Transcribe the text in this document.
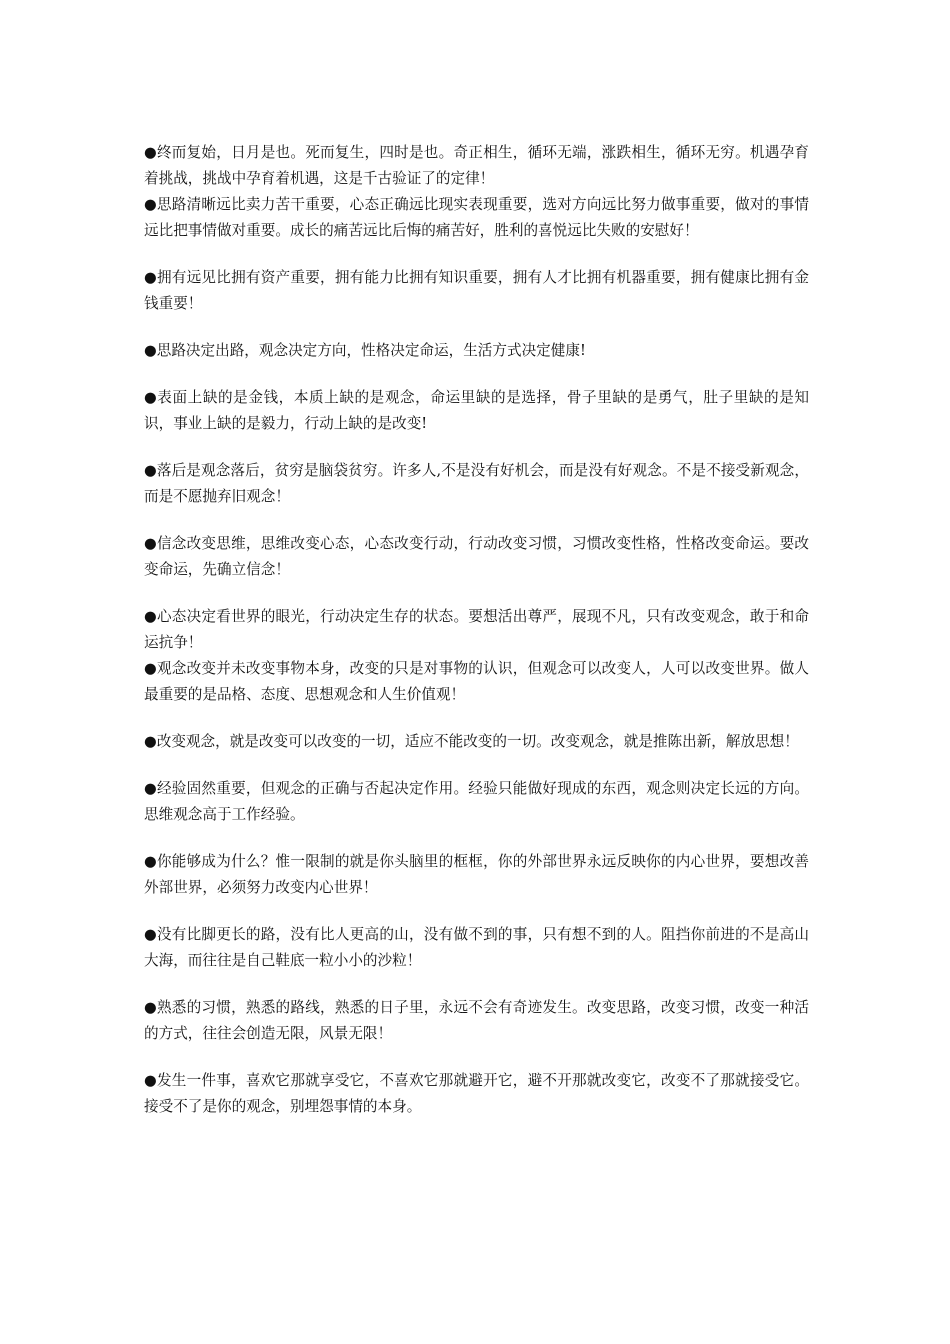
●终而复始，日月是也。死而复生，四时是也。奇正相生，循环无端，涨跌相生，循环无穷。机遇孕育着挑战，挑战中孕育着机遇，这是千古验证了的定律！

●思路清晰远比卖力苦干重要，心态正确远比现实表现重要，选对方向远比努力做事重要，做对的事情远比把事情做对重要。成长的痛苦远比后悔的痛苦好，胜利的喜悦远比失败的安慰好！

●拥有远见比拥有资产重要，拥有能力比拥有知识重要，拥有人才比拥有机器重要，拥有健康比拥有金钱重要！

●思路决定出路，观念决定方向，性格决定命运，生活方式决定健康!

●表面上缺的是金钱，本质上缺的是观念，命运里缺的是选择，骨子里缺的是勇气，肚子里缺的是知识，事业上缺的是毅力，行动上缺的是改变!

●落后是观念落后，贫穷是脑袋贫穷。许多人,不是没有好机会，而是没有好观念。不是不接受新观念，而是不愿抛弃旧观念！

●信念改变思维，思维改变心态，心态改变行动，行动改变习惯，习惯改变性格，性格改变命运。要改变命运，先确立信念！

●心态决定看世界的眼光，行动决定生存的状态。要想活出尊严，展现不凡，只有改变观念，敢于和命运抗争！

●观念改变并未改变事物本身，改变的只是对事物的认识，但观念可以改变人，人可以改变世界。做人最重要的是品格、态度、思想观念和人生价值观！

●改变观念，就是改变可以改变的一切，适应不能改变的一切。改变观念，就是推陈出新，解放思想！

●经验固然重要，但观念的正确与否起决定作用。经验只能做好现成的东西，观念则决定长远的方向。思维观念高于工作经验。

●你能够成为什么？惟一限制的就是你头脑里的框框，你的外部世界永远反映你的内心世界，要想改善外部世界，必须努力改变内心世界！

●没有比脚更长的路，没有比人更高的山，没有做不到的事，只有想不到的人。阻挡你前进的不是高山大海，而往往是自己鞋底一粒小小的沙粒！

●熟悉的习惯，熟悉的路线，熟悉的日子里，永远不会有奇迹发生。改变思路，改变习惯，改变一种活的方式，往往会创造无限，风景无限！

●发生一件事，喜欢它那就享受它，不喜欢它那就避开它，避不开那就改变它，改变不了那就接受它。接受不了是你的观念，别埋怨事情的本身。
